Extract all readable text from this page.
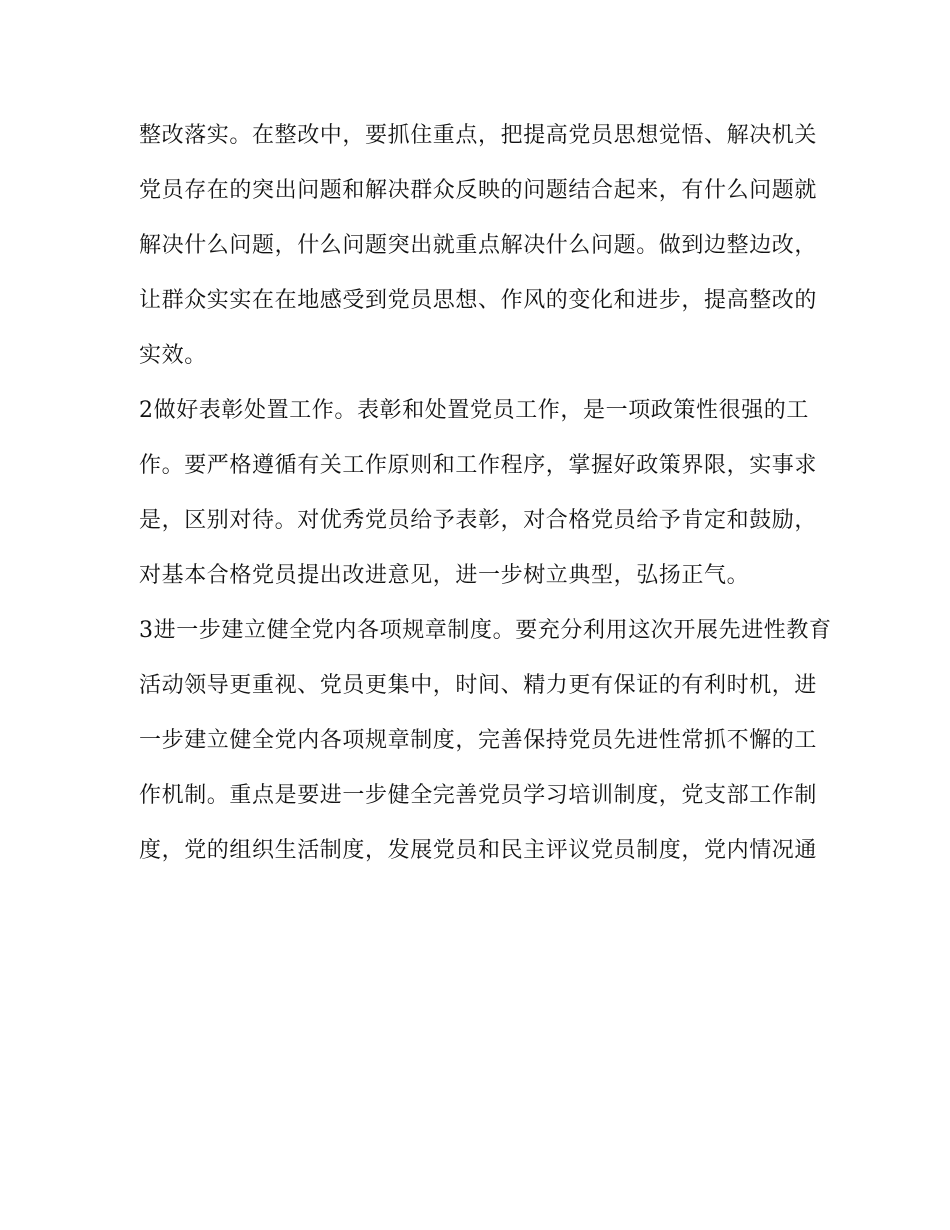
整改落实。在整改中，要抓住重点，把提高党员思想觉悟、解决机关
党员存在的突出问题和解决群众反映的问题结合起来，有什么问题就
解决什么问题，什么问题突出就重点解决什么问题。做到边整边改，
让群众实实在在地感受到党员思想、作风的变化和进步，提高整改的
实效。
2做好表彰处置工作。表彰和处置党员工作，是一项政策性很强的工
作。要严格遵循有关工作原则和工作程序，掌握好政策界限，实事求
是，区别对待。对优秀党员给予表彰，对合格党员给予肯定和鼓励，
对基本合格党员提出改进意见，进一步树立典型，弘扬正气。
3进一步建立健全党内各项规章制度。要充分利用这次开展先进性教育
活动领导更重视、党员更集中，时间、精力更有保证的有利时机，进
一步建立健全党内各项规章制度，完善保持党员先进性常抓不懈的工
作机制。重点是要进一步健全完善党员学习培训制度，党支部工作制
度，党的组织生活制度，发展党员和民主评议党员制度，党内情况通
